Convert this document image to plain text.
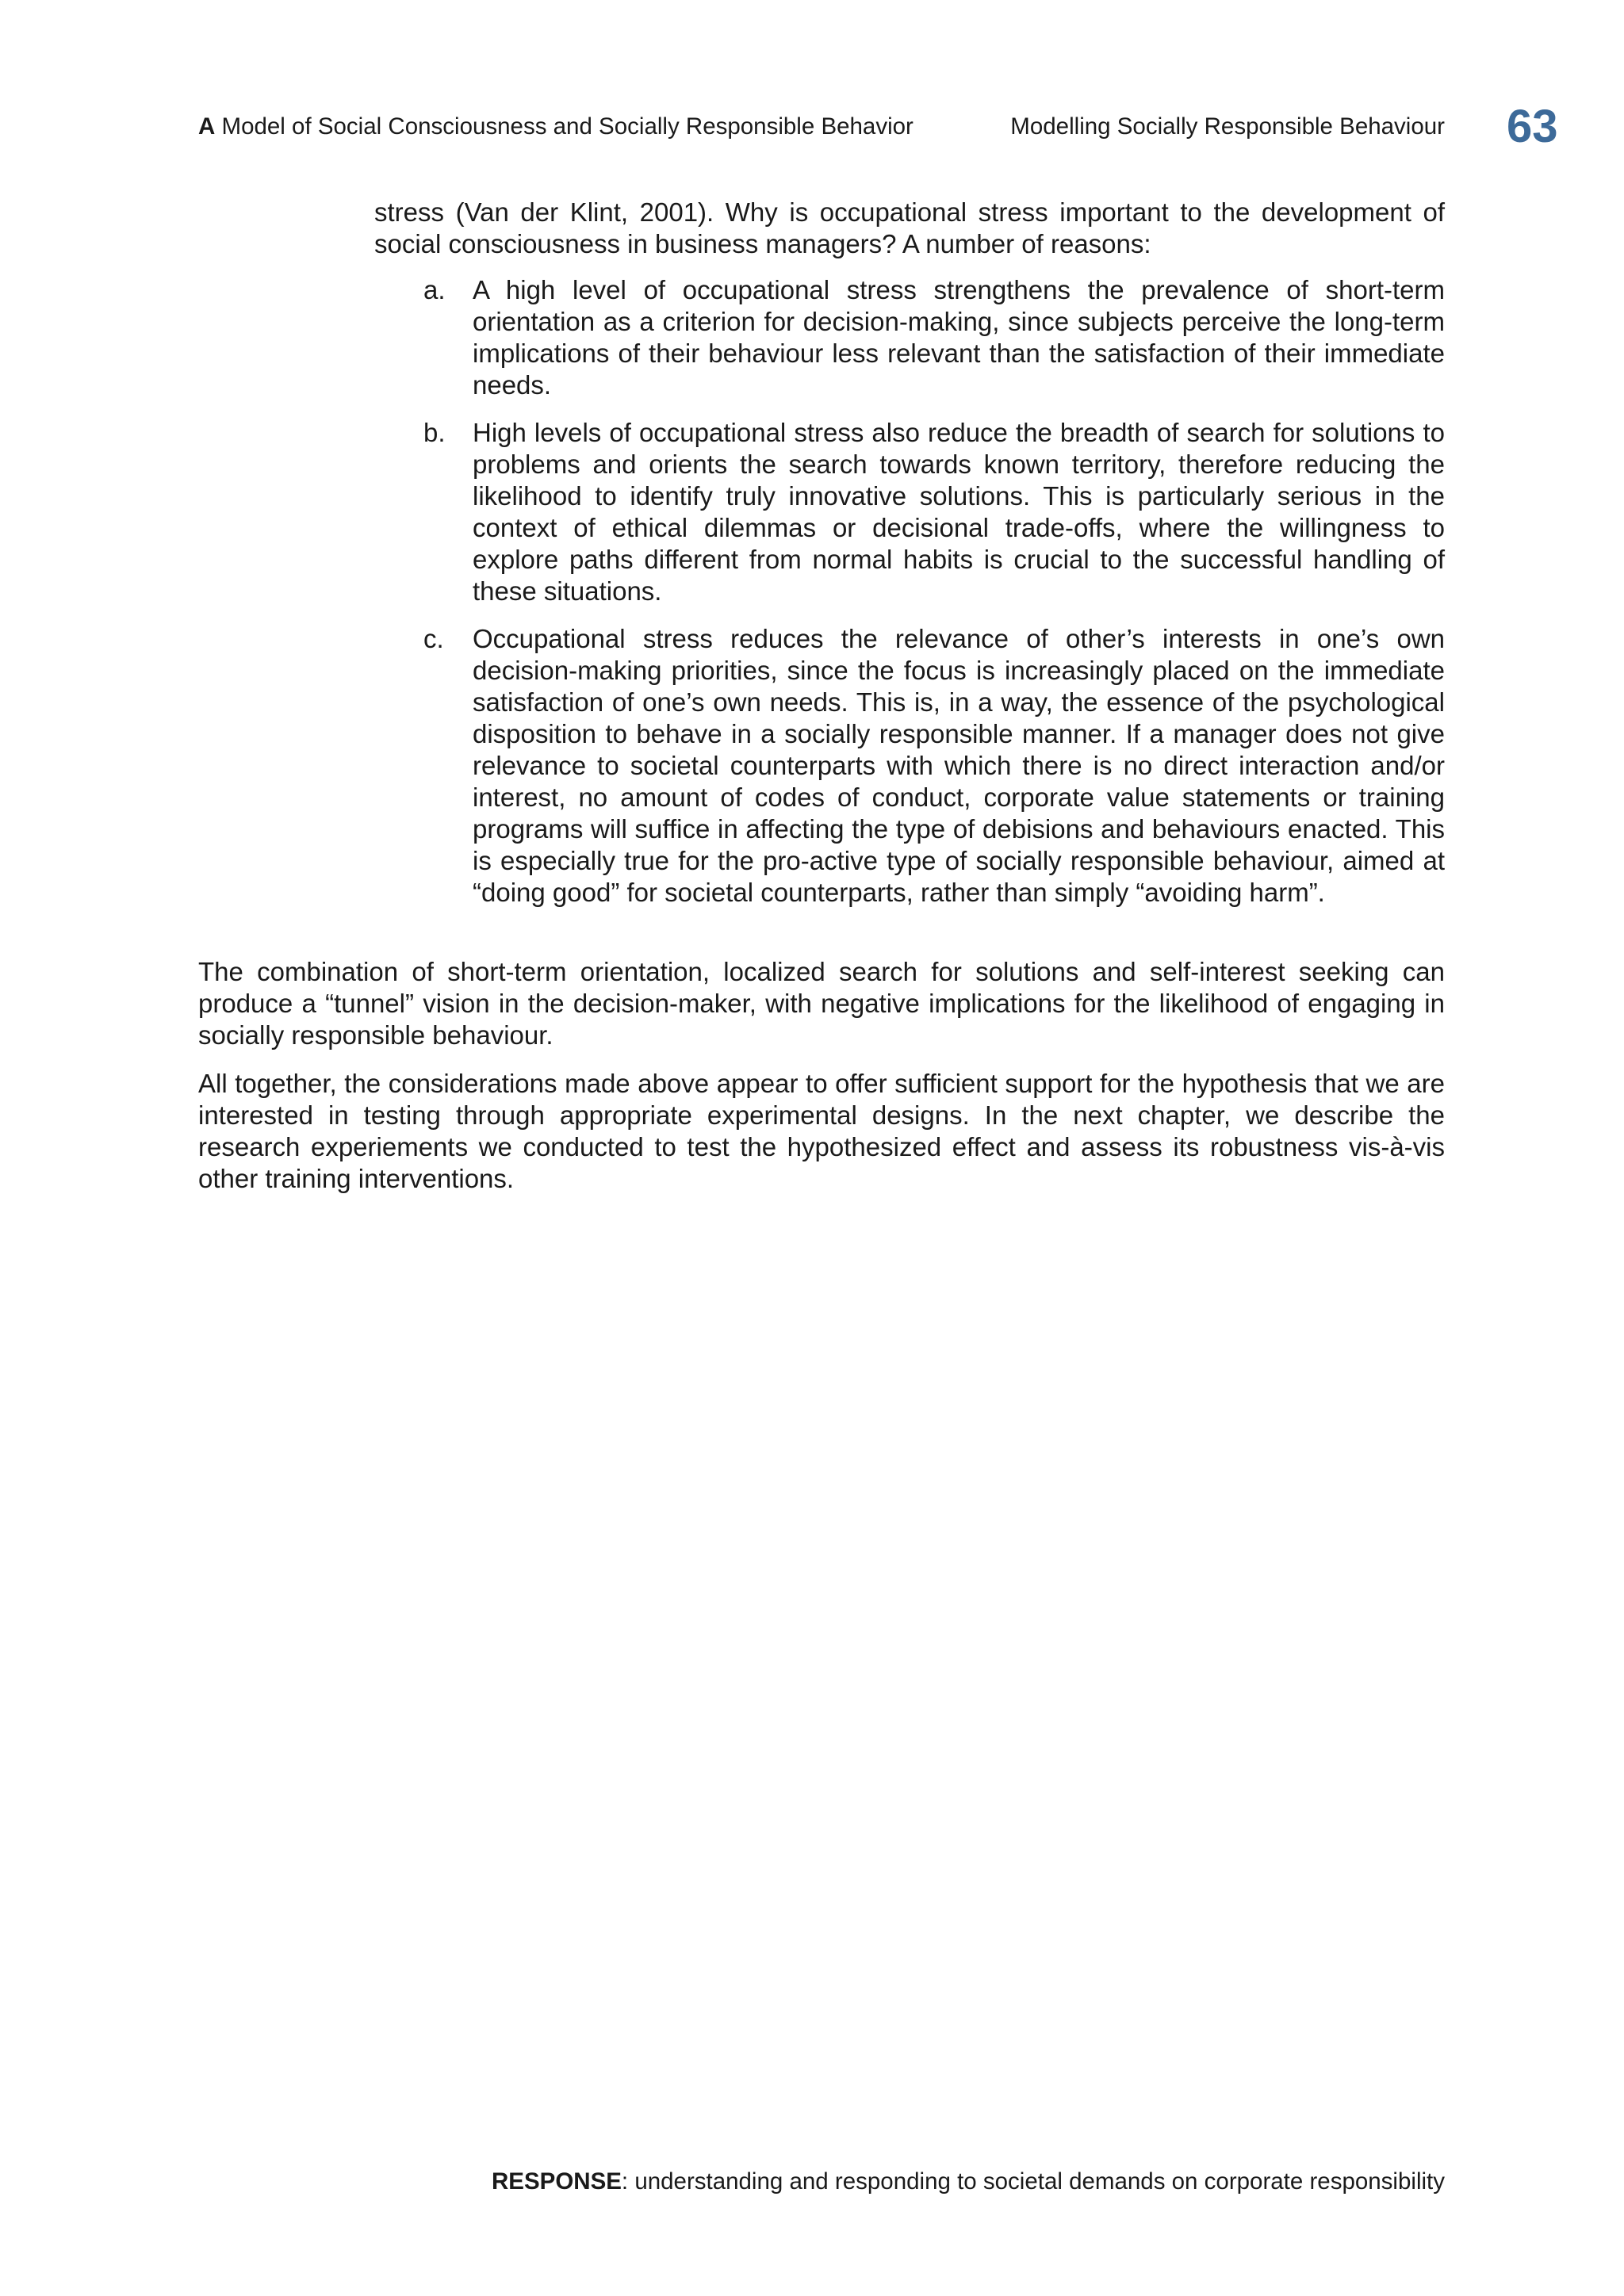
A Model of Social Consciousness and Socially Responsible Behavior	Modelling Socially Responsible Behaviour 63

stress (Van der Klint, 2001). Why is occupational stress important to the development of social consciousness in business managers? A number of reasons:

a. A high level of occupational stress strengthens the prevalence of short-term orientation as a criterion for decision-making, since subjects perceive the long-term implications of their behaviour less relevant than the satisfaction of their immediate needs.
b. High levels of occupational stress also reduce the breadth of search for solutions to problems and orients the search towards known territory, therefore reducing the likelihood to identify truly innovative solutions. This is particularly serious in the context of ethical dilemmas or decisional trade-offs, where the willingness to explore paths different from normal habits is crucial to the successful handling of these situations.
c. Occupational stress reduces the relevance of other’s interests in one’s own decision-making priorities, since the focus is increasingly placed on the immediate satisfaction of one’s own needs. This is, in a way, the essence of the psychological disposition to behave in a socially responsible manner. If a manager does not give relevance to societal counterparts with which there is no direct interaction and/or interest, no amount of codes of conduct, corporate value statements or training programs will suffice in affecting the type of debisions and behaviours enacted. This is especially true for the pro-active type of socially responsible behaviour, aimed at “doing good” for societal counterparts, rather than simply “avoiding harm”.

The combination of short-term orientation, localized search for solutions and self-interest seeking can produce a “tunnel” vision in the decision-maker, with negative implications for the likelihood of engaging in socially responsible behaviour.

All together, the considerations made above appear to offer sufficient support for the hypothesis that we are interested in testing through appropriate experimental designs. In the next chapter, we describe the research experiements we conducted to test the hypothesized effect and assess its robustness vis-à-vis other training interventions.

RESPONSE: understanding and responding to societal demands on corporate responsibility
